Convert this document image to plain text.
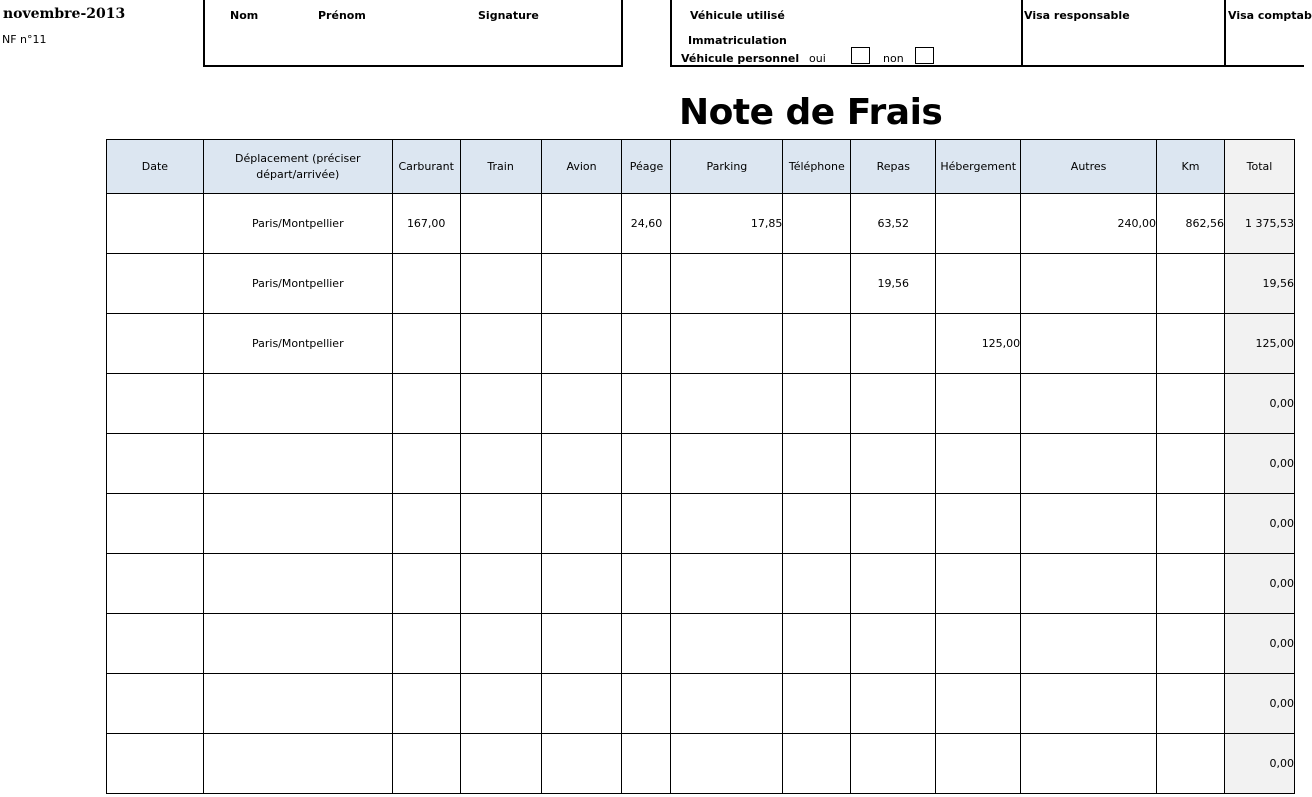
novembre-2013
NF n°11
Nom	Prénom	Signature	Véhicule utilisé
Immatriculation
Véhicule personnel oui	non
Visa responsable	Visa comptab
Note de Frais
Date	Déplacement (préciser départ/arrivée)	Carburant	Train	Avion	Péage	Parking	Téléphone	Repas	Hébergement	Autres	Km	Total
	Paris/Montpellier	167,00			24,60	17,85		63,52		240,00	862,56	1 375,53
	Paris/Montpellier							19,56				19,56
	Paris/Montpellier								125,00			125,00
												0,00
												0,00
												0,00
												0,00
												0,00
												0,00
												0,00
